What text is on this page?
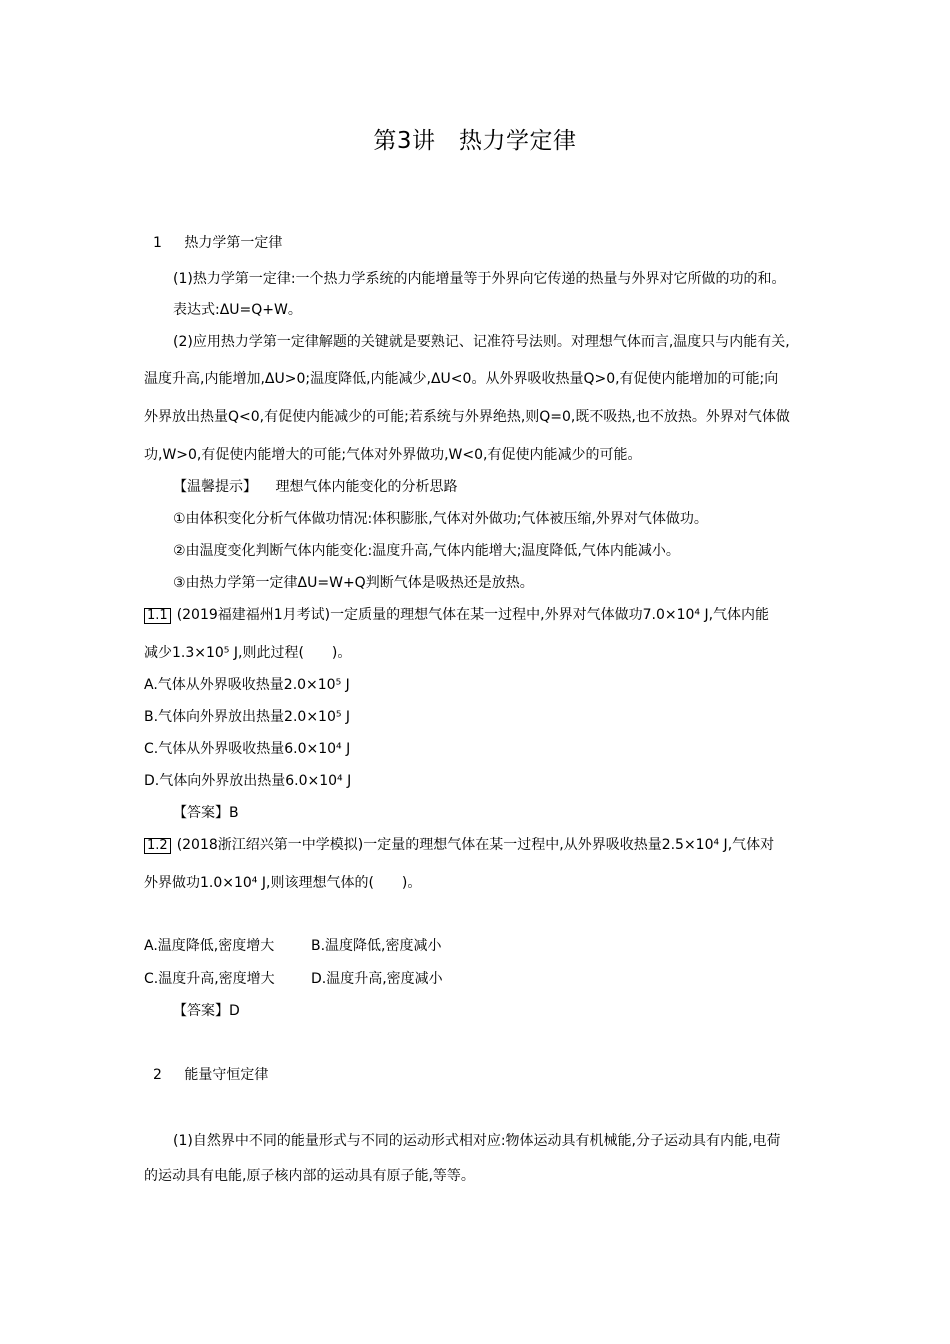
第3讲　热力学定律
1 热力学第一定律
(1)热力学第一定律:一个热力学系统的内能增量等于外界向它传递的热量与外界对它所做的功的和。
表达式:ΔU=Q+W。
(2)应用热力学第一定律解题的关键就是要熟记、记准符号法则。对理想气体而言,温度只与内能有关,
温度升高,内能增加,ΔU>0;温度降低,内能减少,ΔU<0。从外界吸收热量Q>0,有促使内能增加的可能;向
外界放出热量Q<0,有促使内能减少的可能;若系统与外界绝热,则Q=0,既不吸热,也不放热。外界对气体做
功,W>0,有促使内能增大的可能;气体对外界做功,W<0,有促使内能减少的可能。
【温馨提示】 理想气体内能变化的分析思路
①由体积变化分析气体做功情况:体积膨胀,气体对外做功;气体被压缩,外界对气体做功。
②由温度变化判断气体内能变化:温度升高,气体内能增大;温度降低,气体内能减小。
③由热力学第一定律ΔU=W+Q判断气体是吸热还是放热。
1.1 (2019福建福州1月考试)一定质量的理想气体在某一过程中,外界对气体做功7.0×10⁴ J,气体内能
减少1.3×10⁵ J,则此过程(　　)。
A.气体从外界吸收热量2.0×10⁵ J
B.气体向外界放出热量2.0×10⁵ J
C.气体从外界吸收热量6.0×10⁴ J
D.气体向外界放出热量6.0×10⁴ J
【答案】B
1.2 (2018浙江绍兴第一中学模拟)一定量的理想气体在某一过程中,从外界吸收热量2.5×10⁴ J,气体对
外界做功1.0×10⁴ J,则该理想气体的(　　)。
A.温度降低,密度增大	B.温度降低,密度减小
C.温度升高,密度增大	D.温度升高,密度减小
【答案】D
2 能量守恒定律
(1)自然界中不同的能量形式与不同的运动形式相对应:物体运动具有机械能,分子运动具有内能,电荷
的运动具有电能,原子核内部的运动具有原子能,等等。
